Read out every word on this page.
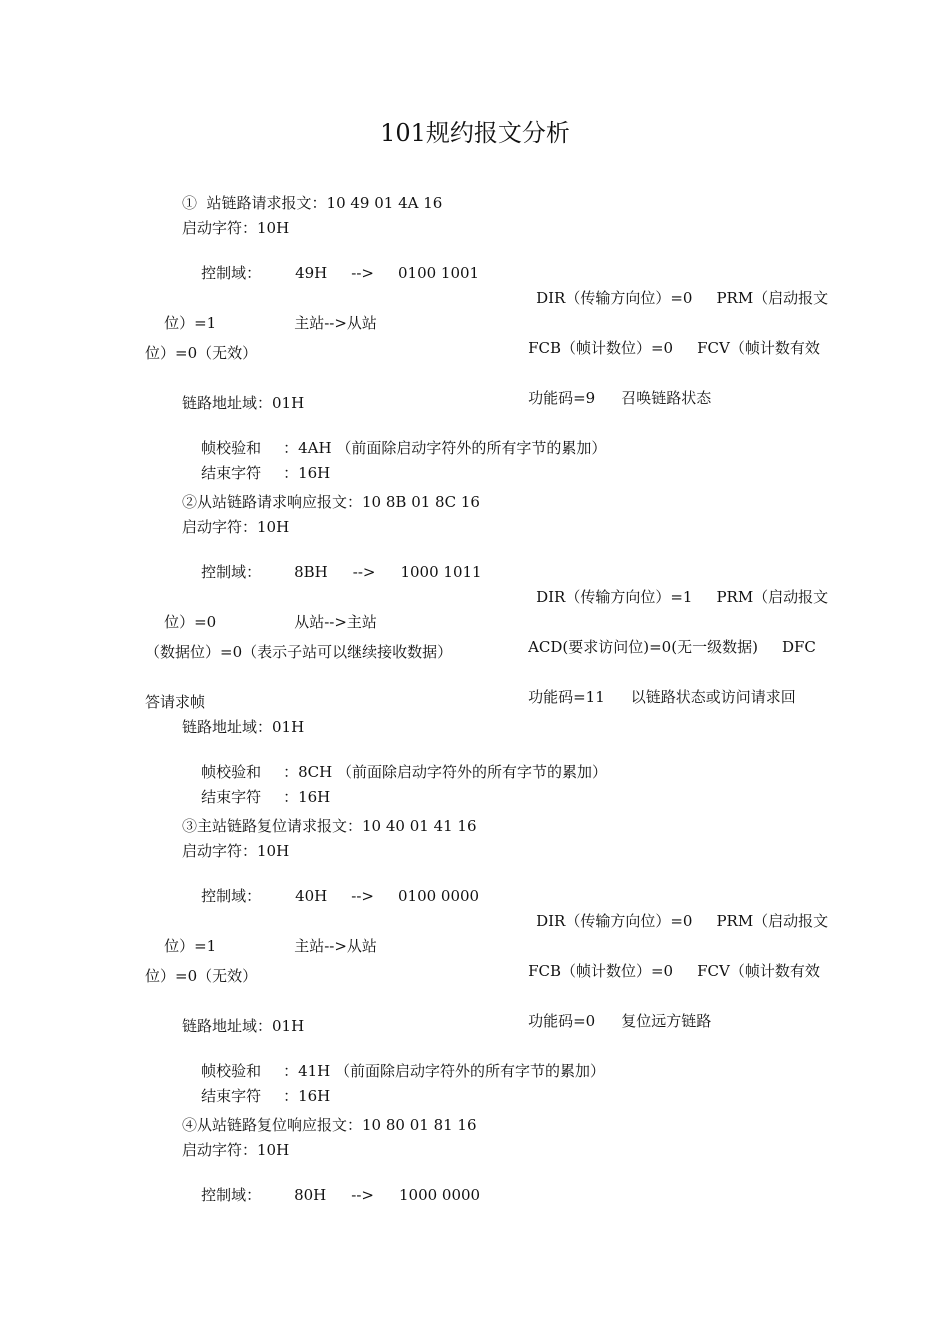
101规约报文分析
①  站链路请求报文：10 49 01 4A 16
启动字符：10H

控制域： 49H --> 0100 1001

DIR（传输方向位）=0 PRM（启动报文

位）=1	主站-->从站

FCB（帧计数位）=0 FCV（帧计数有效

位）=0（无效）

功能码=9 召唤链路状态

链路地址域：01H

帧校验和 ：4AH （前面除启动字符外的所有字节的累加）

结束字符 ：16H

②从站链路请求响应报文：10 8B 01 8C 16
启动字符：10H

控制域： 8BH --> 1000 1011

DIR（传输方向位）=1 PRM（启动报文

位）=0	从站-->主站

ACD(要求访问位)=0(无一级数据) DFC

（数据位）=0（表示子站可以继续接收数据）

功能码=11 以链路状态或访问请求回

答请求帧
链路地址域：01H

帧校验和 ：8CH （前面除启动字符外的所有字节的累加）

结束字符 ：16H

③主站链路复位请求报文：10 40 01 41 16
启动字符：10H

控制域： 40H --> 0100 0000

DIR（传输方向位）=0 PRM（启动报文

位）=1	主站-->从站

FCB（帧计数位）=0 FCV（帧计数有效

位）=0（无效）

功能码=0 复位远方链路

链路地址域：01H

帧校验和 ：41H （前面除启动字符外的所有字节的累加）

结束字符 ：16H

④从站链路复位响应报文：10 80 01 81 16
启动字符：10H

控制域： 80H --> 1000 0000
